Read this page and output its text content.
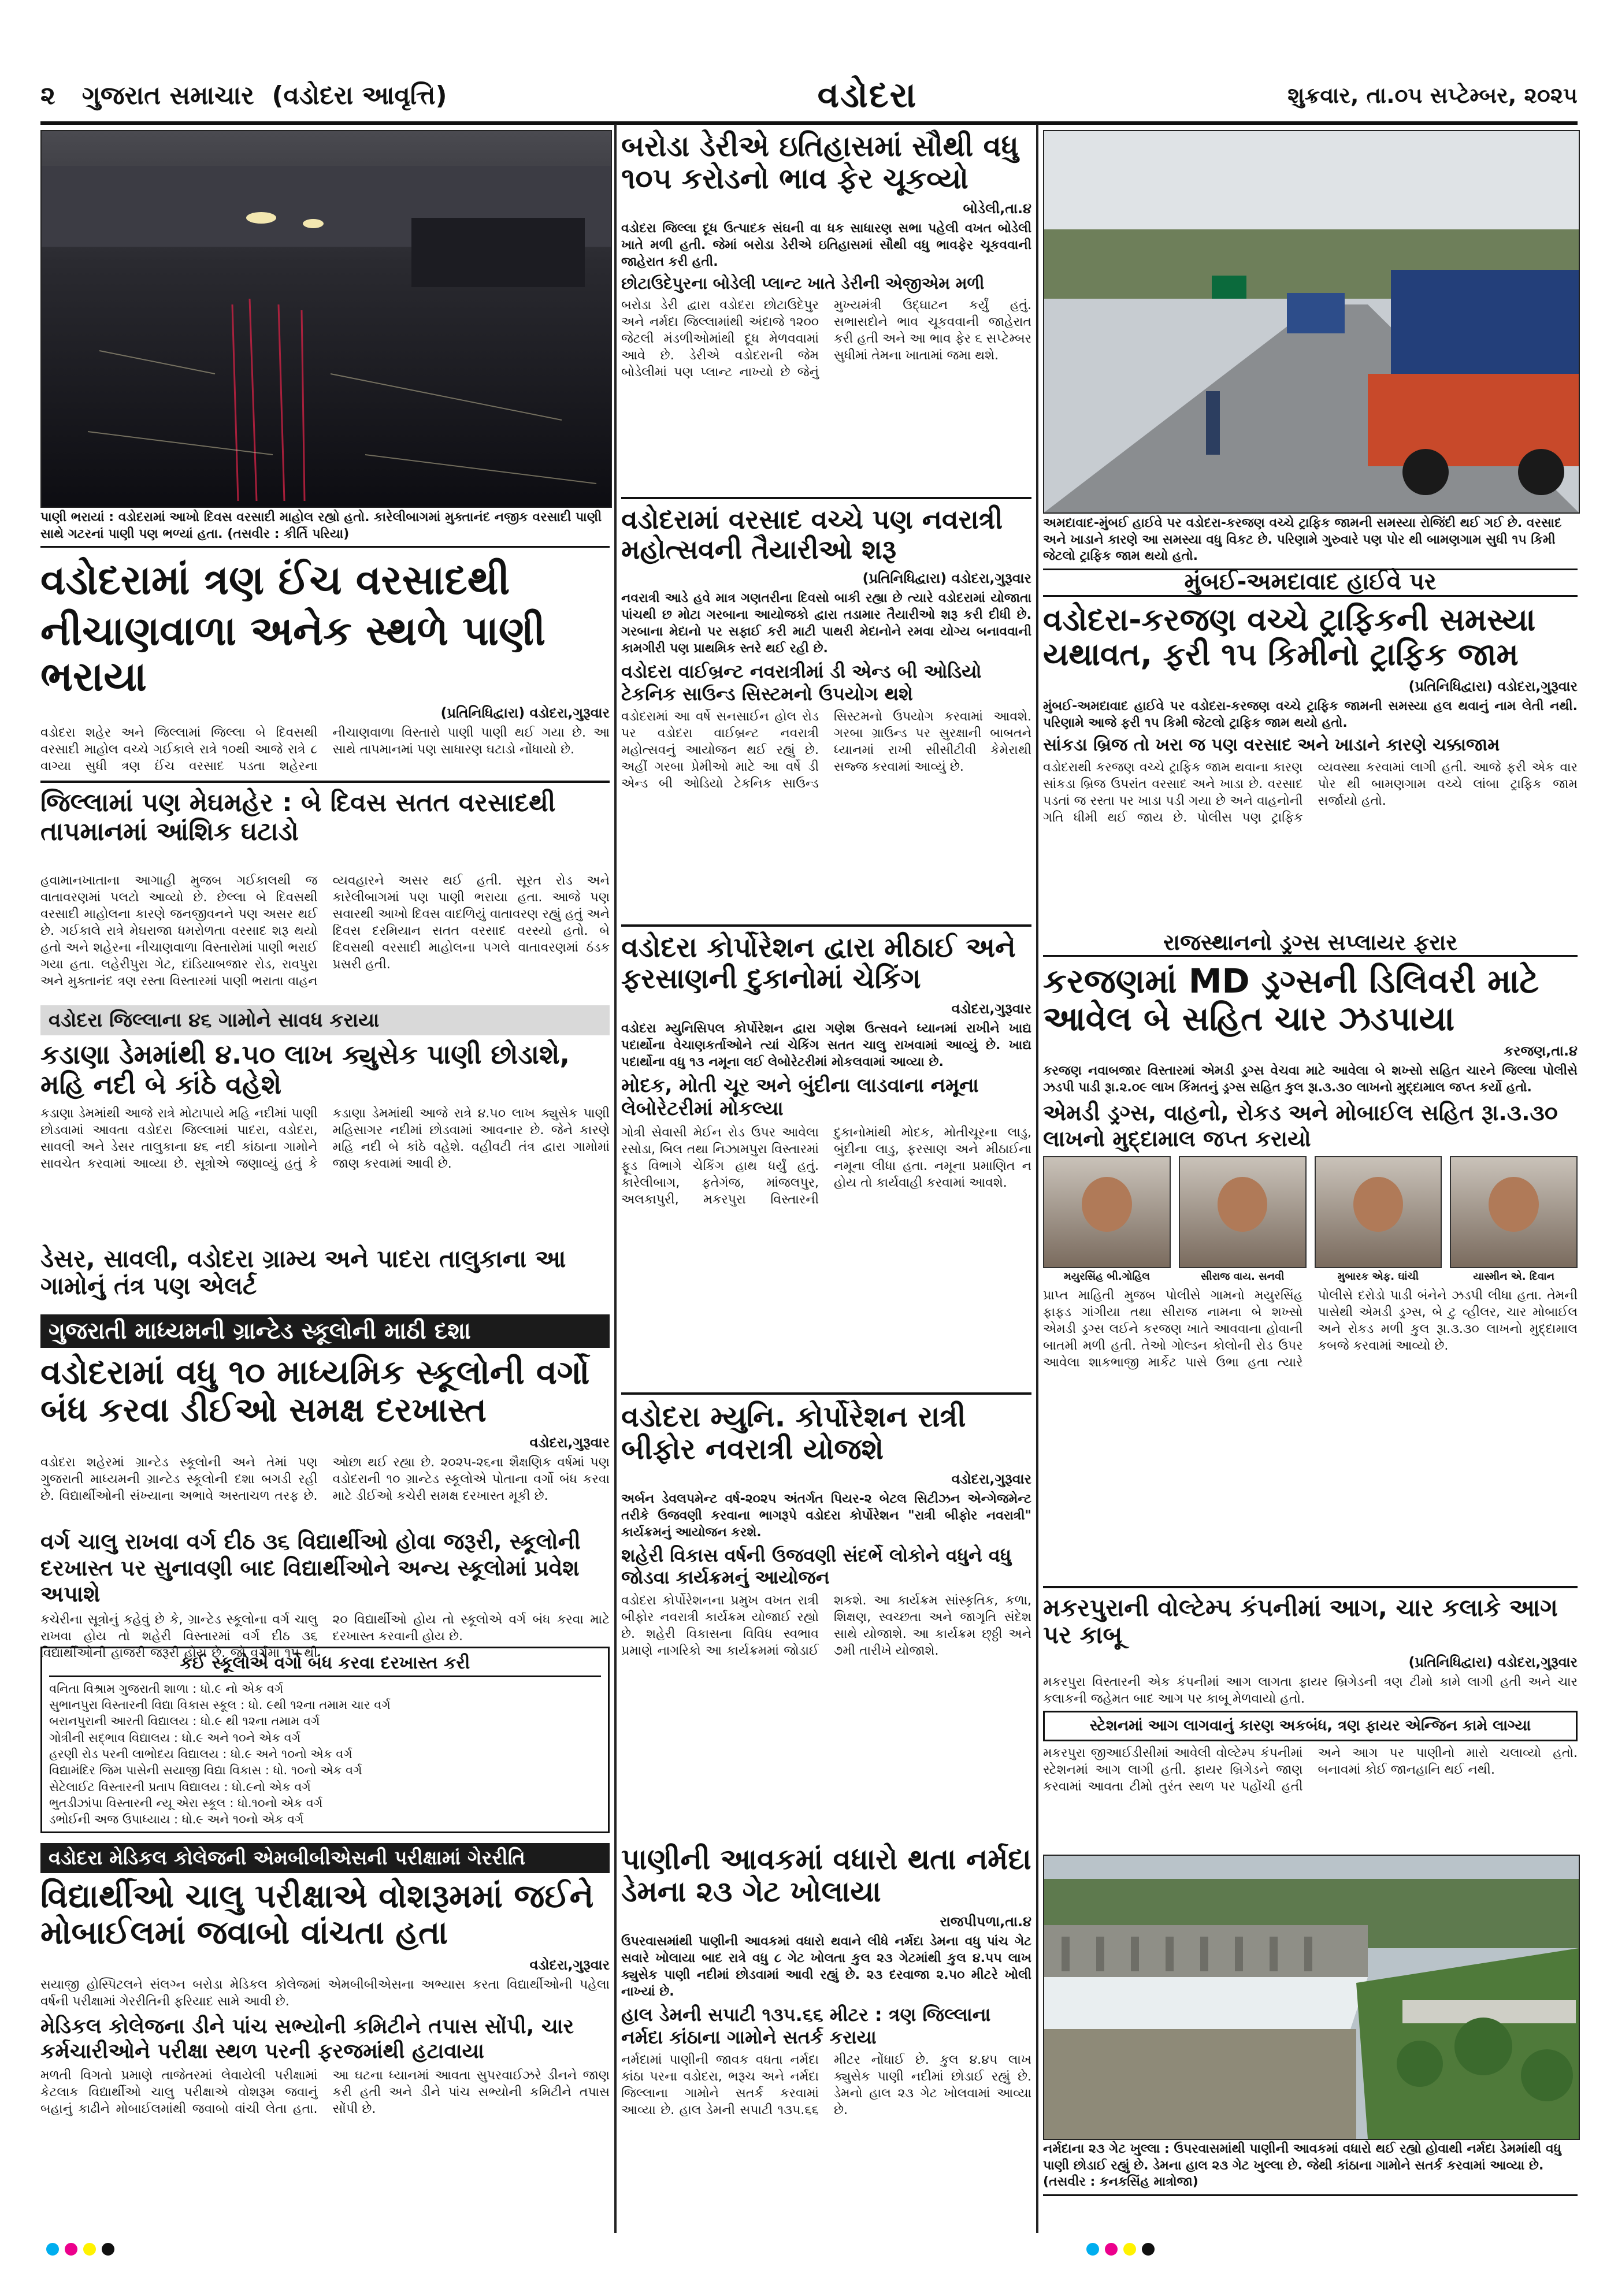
૨ ગુજરાત સમાચાર (વડોદરા આવૃત્તિ)	વડોદરા	શુક્રવાર, તા.૦૫ સપ્ટેમ્બર, ૨૦૨૫
પાણી ભરાયાં : વડોદરામાં આખો દિવસ વરસાદી માહોલ રહ્યો હતો. કારેલીબાગમાં મુક્તાનંદ નજીક વરસાદી પાણી સાથે ગટરનાં પાણી પણ ભળ્યાં હતા. (તસવીર : કીર્તિ પરિયા)
વડોદરામાં ત્રણ ઈંચ વરસાદથી
નીચાણવાળા અનેક સ્થળે પાણી ભરાયા
(પ્રતિનિધિદ્વારા) વડોદરા,ગુરૂવાર
વડોદરા શહેર અને જિલ્લામાં જિલ્લા બે દિવસથી વરસાદી માહોલ વચ્ચે ગઈકાલે રાત્રે ૧૦થી આજે રાત્રે ૮ વાગ્યા સુધી ત્રણ ઈંચ વરસાદ પડતા શહેરના નીચાણવાળા વિસ્તારો પાણી પાણી થઈ ગયા છે. આ સાથે તાપમાનમાં પણ સાધારણ ઘટાડો નોંધાયો છે.
જિલ્લામાં પણ મેઘમહેર : બે દિવસ સતત વરસાદથી તાપમાનમાં આંશિક ઘટાડો
હવામાનખાતાના આગાહી મુજબ ગઈકાલથી જ વાતાવરણમાં પલટો આવ્યો છે. છેલ્લા બે દિવસથી વરસાદી માહોલના કારણે જનજીવનને પણ અસર થઈ છે. ગઈકાલે રાત્રે મેઘરાજા ધમરોળતા વરસાદ શરૂ થયો હતો અને શહેરના નીચાણવાળા વિસ્તારોમાં પાણી ભરાઈ ગયા હતા. લહેરીપુરા ગેટ, દાંડિયાબજાર રોડ, રાવપુરા અને મુક્તાનંદ ત્રણ રસ્તા વિસ્તારમાં પાણી ભરાતા વાહન વ્યવહારને અસર થઈ હતી. સૂરત રોડ અને કારેલીબાગમાં પણ પાણી ભરાયા હતા. આજે પણ સવારથી આખો દિવસ વાદળિયું વાતાવરણ રહ્યું હતું અને દિવસ દરમિયાન સતત વરસાદ વરસ્યો હતો. બે દિવસથી વરસાદી માહોલના પગલે વાતાવરણમાં ઠંડક પ્રસરી હતી.
વડોદરા જિલ્લાના ૪૬ ગામોને સાવધ કરાયા
કડાણા ડેમમાંથી ૪.૫૦ લાખ ક્યુસેક પાણી છોડાશે, મહિ નદી બે કાંઠે વહેશે
કડાણા ડેમમાંથી આજે રાત્રે મોટાપાયે મહિ નદીમાં પાણી છોડવામાં આવતા વડોદરા જિલ્લામાં પાદરા, વડોદરા, સાવલી અને ડેસર તાલુકાના ૪૬ નદી કાંઠાના ગામોને સાવચેત કરવામાં આવ્યા છે. સૂત્રોએ જણાવ્યું હતું કે કડાણા ડેમમાંથી આજે રાત્રે ૪.૫૦ લાખ ક્યુસેક પાણી મહિસાગર નદીમાં છોડવામાં આવનાર છે. જેને કારણે મહિ નદી બે કાંઠે વહેશે. વહીવટી તંત્ર દ્વારા ગામોમાં જાણ કરવામાં આવી છે.
ડેસર, સાવલી, વડોદરા ગ્રામ્ય અને પાદરા તાલુકાના આ ગામોનું તંત્ર પણ એલર્ટ
ગુજરાતી માધ્યમની ગ્રાન્ટેડ સ્કૂલોની માઠી દશા
વડોદરામાં વધુ ૧૦ માધ્યમિક સ્કૂલોની વર્ગો બંધ કરવા ડીઈઓ સમક્ષ દરખાસ્ત
વડોદરા,ગુરૂવાર
વડોદરા શહેરમાં ગ્રાન્ટેડ સ્કૂલોની અને તેમાં પણ ગુજરાતી માધ્યમની ગ્રાન્ટેડ સ્કૂલોની દશા બગડી રહી છે. વિદ્યાર્થીઓની સંખ્યાના અભાવે અસ્તાચળ તરફ છે. ઓછા થઈ રહ્યા છે. ૨૦૨૫-૨૬ના શૈક્ષણિક વર્ષમાં પણ વડોદરાની ૧૦ ગ્રાન્ટેડ સ્કૂલોએ પોતાના વર્ગો બંધ કરવા માટે ડીઈઓ કચેરી સમક્ષ દરખાસ્ત મૂકી છે.
વર્ગ ચાલુ રાખવા વર્ગ દીઠ ૩૬ વિદ્યાર્થીઓ હોવા જરૂરી, સ્કૂલોની દરખાસ્ત પર સુનાવણી બાદ વિદ્યાર્થીઓને અન્ય સ્કૂલોમાં પ્રવેશ અપાશે
કચેરીના સૂત્રોનું કહેવું છે કે, ગ્રાન્ટેડ સ્કૂલોના વર્ગ ચાલુ રાખવા હોય તો શહેરી વિસ્તારમાં વર્ગ દીઠ ૩૬ વિદ્યાર્થીઓની હાજરી જરૂરી હોય છે. જો વર્ગમાં ૧૫ થી ૨૦ વિદ્યાર્થીઓ હોય તો સ્કૂલોએ વર્ગ બંધ કરવા માટે દરખાસ્ત કરવાની હોય છે.
કઈ સ્કૂલોએ વર્ગો બંધ કરવા દરખાસ્ત કરી
વનિતા વિશ્રામ ગુજરાતી શાળા : ધો.૯ નો એક વર્ગ
સુભાનપુરા વિસ્તારની વિદ્યા વિકાસ સ્કૂલ : ધો. ૯થી ૧૨ના તમામ ચાર વર્ગ
બરાનપુરાની આરતી વિદ્યાલય : ધો.૯ થી ૧૨ના તમામ વર્ગ
ગોત્રીની સદ્ભાવ વિદ્યાલય : ધો.૯ અને ૧૦ને એક વર્ગ
હરણી રોડ પરની લાભોદય વિદ્યાલય : ધો.૯ અને ૧૦નો એક વર્ગ
વિદ્યામંદિર જિમ પાસેની સયાજી વિદ્યા વિકાસ : ધો. ૧૦નો એક વર્ગ
સેટેલાઈટ વિસ્તારની પ્રતાપ વિદ્યાલય : ધો.૯નો એક વર્ગ
ભુતડીઝાંપા વિસ્તારની ન્યૂ એરા સ્કૂલ : ધો.૧૦નો એક વર્ગ
ડભોઈની અજ ઉપાધ્યાય : ધો.૯ અને ૧૦નો એક વર્ગ
વડોદરા મેડિકલ કોલેજની એમબીબીએસની પરીક્ષામાં ગેરરીતિ
વિદ્યાર્થીઓ ચાલુ પરીક્ષાએ વોશરૂમમાં જઈને મોબાઈલમાં જવાબો વાંચતા હતા
વડોદરા,ગુરૂવાર
સયાજી હોસ્પિટલને સંલગ્ન બરોડા મેડિકલ કોલેજમાં એમબીબીએસના અભ્યાસ કરતા વિદ્યાર્થીઓની પહેલા વર્ષની પરીક્ષામાં ગેરરીતિની ફરિયાદ સામે આવી છે.
મેડિકલ કોલેજના ડીને પાંચ સભ્યોની કમિટીને તપાસ સોંપી, ચાર કર્મચારીઓને પરીક્ષા સ્થળ પરની ફરજમાંથી હટાવાયા
મળતી વિગતો પ્રમાણે તાજેતરમાં લેવાયેલી પરીક્ષામાં કેટલાક વિદ્યાર્થીઓ ચાલુ પરીક્ષાએ વોશરૂમ જવાનું બહાનું કાઢીને મોબાઈલમાંથી જવાબો વાંચી લેતા હતા. આ ઘટના ધ્યાનમાં આવતા સુપરવાઈઝરે ડીનને જાણ કરી હતી અને ડીને પાંચ સભ્યોની કમિટીને તપાસ સોંપી છે.
બરોડા ડેરીએ ઇતિહાસમાં સૌથી વધુ ૧૦૫ કરોડનો ભાવ ફેર ચૂકવ્યો
બોડેલી,તા.૪
વડોદરા જિલ્લા દૂધ ઉત્પાદક સંઘની વા ધક સાધારણ સભા પહેલી વખત બોડેલી ખાતે મળી હતી. જેમાં બરોડા ડેરીએ ઇતિહાસમાં સૌથી વધુ ભાવફેર ચૂકવવાની જાહેરાત કરી હતી.
છોટાઉદેપુરના બોડેલી પ્લાન્ટ ખાતે ડેરીની એજીએમ મળી
બરોડા ડેરી દ્વારા વડોદરા છોટાઉદેપુર અને નર્મદા જિલ્લામાંથી અંદાજે ૧૨૦૦ જેટલી મંડળીઓમાંથી દૂધ મેળવવામાં આવે છે. ડેરીએ વડોદરાની જેમ બોડેલીમાં પણ પ્લાન્ટ નાખ્યો છે જેનું મુખ્યમંત્રી ઉદ્ઘાટન કર્યું હતું. સભાસદોને ભાવ ચૂકવવાની જાહેરાત કરી હતી અને આ ભાવ ફેર ૬ સપ્ટેમ્બર સુધીમાં તેમના ખાતામાં જમા થશે.
વડોદરામાં વરસાદ વચ્ચે પણ નવરાત્રી મહોત્સવની તૈયારીઓ શરૂ
(પ્રતિનિધિદ્વારા) વડોદરા,ગુરૂવાર
નવરાત્રી આડે હવે માત્ર ગણતરીના દિવસો બાકી રહ્યા છે ત્યારે વડોદરામાં યોજાતા પાંચથી છ મોટા ગરબાના આયોજકો દ્વારા તડામાર તૈયારીઓ શરૂ કરી દીધી છે. ગરબાના મેદાનો પર સફાઈ કરી માટી પાથરી મેદાનોને રમવા યોગ્ય બનાવવાની કામગીરી પણ પ્રાથમિક સ્તરે થઈ રહી છે.
વડોદરા વાઈબ્રન્ટ નવરાત્રીમાં ડી એન્ડ બી ઓડિયો ટેકનિક સાઉન્ડ સિસ્ટમનો ઉપયોગ થશે
વડોદરામાં આ વર્ષે સનસાઈન હોલ રોડ પર વડોદરા વાઈબ્રન્ટ નવરાત્રી મહોત્સવનું આયોજન થઈ રહ્યું છે. અહીં ગરબા પ્રેમીઓ માટે આ વર્ષે ડી એન્ડ બી ઓડિયો ટેકનિક સાઉન્ડ સિસ્ટમનો ઉપયોગ કરવામાં આવશે. ગરબા ગ્રાઉન્ડ પર સુરક્ષાની બાબતને ધ્યાનમાં રાખી સીસીટીવી કેમેરાથી સજ્જ કરવામાં આવ્યું છે.
વડોદરા કોર્પોરેશન દ્વારા મીઠાઈ અને ફરસાણની દુકાનોમાં ચેકિંગ
વડોદરા,ગુરૂવાર
વડોદરા મ્યુનિસિપલ કોર્પોરેશન દ્વારા ગણેશ ઉત્સવને ધ્યાનમાં રાખીને ખાદ્ય પદાર્થોના વેચાણકર્તાઓને ત્યાં ચેકિંગ સતત ચાલુ રાખવામાં આવ્યું છે. ખાદ્ય પદાર્થોના વધુ ૧૩ નમૂના લઈ લેબોરેટરીમાં મોકલવામાં આવ્યા છે.
મોદક, મોતી ચૂર અને બુંદીના લાડવાના નમૂના લેબોરેટરીમાં મોકલ્યા
ગોત્રી સેવાસી મેઈન રોડ ઉપર આવેલા રસોડા, બિલ તથા નિઝામપુરા વિસ્તારમાં ફૂડ વિભાગે ચેકિંગ હાથ ધર્યું હતું. કારેલીબાગ, ફતેગંજ, માંજલપુર, અલકાપુરી, મકરપુરા વિસ્તારની દુકાનોમાંથી મોદક, મોતીચૂરના લાડુ, બુંદીના લાડુ, ફરસાણ અને મીઠાઈના નમૂના લીધા હતા. નમૂના પ્રમાણિત ન હોય તો કાર્યવાહી કરવામાં આવશે.
વડોદરા મ્યુનિ. કોર્પોરેશન રાત્રી બીફોર નવરાત્રી યોજશે
વડોદરા,ગુરૂવાર
અર્બન ડેવલપમેન્ટ વર્ષ-૨૦૨૫ અંતર્ગત પિયર-૨ બેટલ સિટીઝન એન્ગેજમેન્ટ તરીકે ઉજવણી કરવાના ભાગરૂપે વડોદરા કોર્પોરેશન "રાત્રી બીફોર નવરાત્રી" કાર્યક્રમનું આયોજન કરશે.
શહેરી વિકાસ વર્ષની ઉજવણી સંદર્ભે લોકોને વધુને વધુ જોડવા કાર્યક્રમનું આયોજન
વડોદરા કોર્પોરેશનના પ્રમુખ વખત રાત્રી બીફોર નવરાત્રી કાર્યક્રમ યોજાઈ રહ્યો છે. શહેરી વિકાસના વિવિધ સ્વભાવ પ્રમાણે નાગરિકો આ કાર્યક્રમમાં જોડાઈ શકશે. આ કાર્યક્રમ સાંસ્કૃતિક, કળા, શિક્ષણ, સ્વચ્છતા અને જાગૃતિ સંદેશ સાથે યોજાશે. આ કાર્યક્રમ છ્ઠ્ઠી અને ૭મી તારીખે યોજાશે.
પાણીની આવકમાં વધારો થતા નર્મદા ડેમના ૨૩ ગેટ ખોલાયા
રાજપીપળા,તા.૪
ઉપરવાસમાંથી પાણીની આવકમાં વધારો થવાને લીધે નર્મદા ડેમના વધુ પાંચ ગેટ સવારે ખોલાયા બાદ રાત્રે વધુ ૮ ગેટ ખોલતા કુલ ૨૩ ગેટમાંથી કુલ ૪.૫૫ લાખ ક્યુસેક પાણી નદીમાં છોડવામાં આવી રહ્યું છે. ૨૩ દરવાજા ૨.૫૦ મીટરે ખોલી નાખ્યાં છે.
હાલ ડેમની સપાટી ૧૩૫.૬૬ મીટર : ત્રણ જિલ્લાના નર્મદા કાંઠાના ગામોને સતર્ક કરાયા
નર્મદામાં પાણીની જાવક વધતા નર્મદા કાંઠા પરના વડોદરા, ભરૂચ અને નર્મદા જિલ્લાના ગામોને સતર્ક કરવામાં આવ્યા છે. હાલ ડેમની સપાટી ૧૩૫.૬૬ મીટર નોંધાઈ છે. કુલ ૪.૪૫ લાખ ક્યુસેક પાણી નદીમાં છોડાઈ રહ્યું છે. ડેમનો હાલ ૨૩ ગેટ ખોલવામાં આવ્યા છે.
અમદાવાદ-મુંબઈ હાઈવે પર વડોદરા-કરજણ વચ્ચે ટ્રાફિક જામની સમસ્યા રોજિંદી થઈ ગઈ છે. વરસાદ અને ખાડાને કારણે આ સમસ્યા વધુ વિકટ છે. પરિણામે ગુરુવારે પણ પોર થી બામણગામ સુધી ૧૫ કિમી જેટલો ટ્રાફિક જામ થયો હતો.
મુંબઈ-અમદાવાદ હાઈવે પર
વડોદરા-કરજણ વચ્ચે ટ્રાફિકની સમસ્યા યથાવત, ફરી ૧૫ કિમીનો ટ્રાફિક જામ
(પ્રતિનિધિદ્વારા) વડોદરા,ગુરૂવાર
મુંબઈ-અમદાવાદ હાઈવે પર વડોદરા-કરજણ વચ્ચે ટ્રાફિક જામની સમસ્યા હલ થવાનું નામ લેતી નથી. પરિણામે આજે ફરી ૧૫ કિમી જેટલો ટ્રાફિક જામ થયો હતો.
સાંકડા બ્રિજ તો ખરા જ પણ વરસાદ અને ખાડાને કારણે ચક્કાજામ
વડોદરાથી કરજણ વચ્ચે ટ્રાફિક જામ થવાના કારણ સાંકડા બ્રિજ ઉપરાંત વરસાદ અને ખાડા છે. વરસાદ પડતાં જ રસ્તા પર ખાડા પડી ગયા છે અને વાહનોની ગતિ ધીમી થઈ જાય છે. પોલીસ પણ ટ્રાફિક વ્યવસ્થા કરવામાં લાગી હતી. આજે ફરી એક વાર પોર થી બામણગામ વચ્ચે લાંબા ટ્રાફિક જામ સર્જાયો હતો.
રાજસ્થાનનો ડ્રગ્સ સપ્લાયર ફરાર
કરજણમાં MD ડ્રગ્સની ડિલિવરી માટે આવેલ બે સહિત ચાર ઝડપાયા
કરજણ,તા.૪
કરજણ નવાબજાર વિસ્તારમાં એમડી ડ્રગ્સ વેચવા માટે આવેલા બે શખ્સો સહિત ચારને જિલ્લા પોલીસે ઝડપી પાડી રૂા.૨.૦૯ લાખ કિંમતનું ડ્રગ્સ સહિત કુલ રૂા.૩.૩૦ લાખનો મુદ્દામાલ જપ્ત કર્યો હતો.
એમડી ડ્રગ્સ, વાહનો, રોકડ અને મોબાઈલ સહિત રૂા.૩.૩૦ લાખનો મુદ્દામાલ જપ્ત કરાયો
મયુરસિંહ બી.ગોહિલ	સીરાજ વાય. સનવી	મુબારક એફ. ઘાંચી	યાસ્મીન એ. દિવાન
પ્રાપ્ત માહિતી મુજબ પોલીસે ગામનો મયુરસિંહ ફાફડ ગાંગીયા તથા સીરાજ નામના બે શખ્સો એમડી ડ્રગ્સ લઈને કરજણ ખાતે આવવાના હોવાની બાતમી મળી હતી. તેઓ ગોલ્ડન કોલોની રોડ ઉપર આવેલા શાકભાજી માર્કેટ પાસે ઉભા હતા ત્યારે પોલીસે દરોડો પાડી બંનેને ઝડપી લીધા હતા. તેમની પાસેથી એમડી ડ્રગ્સ, બે ટુ વ્હીલર, ચાર મોબાઈલ અને રોકડ મળી કુલ રૂા.૩.૩૦ લાખનો મુદ્દામાલ કબજે કરવામાં આવ્યો છે.
મકરપુરાની વોલ્ટેમ્પ કંપનીમાં આગ, ચાર કલાકે આગ પર કાબૂ
(પ્રતિનિધિદ્વારા) વડોદરા,ગુરૂવાર
મકરપુરા વિસ્તારની એક કંપનીમાં આગ લાગતા ફાયર બ્રિગેડની ત્રણ ટીમો કામે લાગી હતી અને ચાર કલાકની જહેમત બાદ આગ પર કાબૂ મેળવાયો હતો.
સ્ટેશનમાં આગ લાગવાનું કારણ અકબંધ, ત્રણ ફાયર એન્જિન કામે લાગ્યા
મકરપુરા જીઆઈડીસીમાં આવેલી વોલ્ટેમ્પ કંપનીમાં સ્ટેશનમાં આગ લાગી હતી. ફાયર બ્રિગેડને જાણ કરવામાં આવતા ટીમો તુરંત સ્થળ પર પહોંચી હતી અને આગ પર પાણીનો મારો ચલાવ્યો હતો. બનાવમાં કોઈ જાનહાનિ થઈ નથી.
નર્મદાના ૨૩ ગેટ ખુલ્લા : ઉપરવાસમાંથી પાણીની આવકમાં વધારો થઈ રહ્યો હોવાથી નર્મદા ડેમમાંથી વધુ પાણી છોડાઈ રહ્યું છે. ડેમના હાલ ૨૩ ગેટ ખુલ્લા છે. જેથી કાંઠાના ગામોને સતર્ક કરવામાં આવ્યા છે. (તસવીર : કનકસિંહ માત્રોજા)
